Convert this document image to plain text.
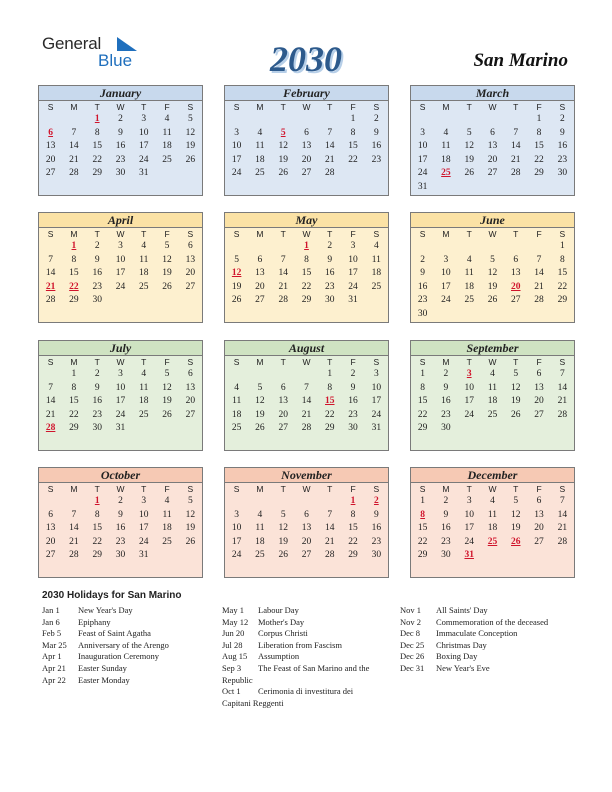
General
Blue	2030	San Marino
January
S	M	T	W	T	F	S
		1	2	3	4	5
6	7	8	9	10	11	12
13	14	15	16	17	18	19
20	21	22	23	24	25	26
27	28	29	30	31		

February
S	M	T	W	T	F	S
					1	2
3	4	5	6	7	8	9
10	11	12	13	14	15	16
17	18	19	20	21	22	23
24	25	26	27	28		

March
S	M	T	W	T	F	S
					1	2
3	4	5	6	7	8	9
10	11	12	13	14	15	16
17	18	19	20	21	22	23
24	25	26	27	28	29	30
31						
April
S	M	T	W	T	F	S
	1	2	3	4	5	6
7	8	9	10	11	12	13
14	15	16	17	18	19	20
21	22	23	24	25	26	27
28	29	30				

May
S	M	T	W	T	F	S
			1	2	3	4
5	6	7	8	9	10	11
12	13	14	15	16	17	18
19	20	21	22	23	24	25
26	27	28	29	30	31	

June
S	M	T	W	T	F	S
						1
2	3	4	5	6	7	8
9	10	11	12	13	14	15
16	17	18	19	20	21	22
23	24	25	26	27	28	29
30						
July
S	M	T	W	T	F	S
	1	2	3	4	5	6
7	8	9	10	11	12	13
14	15	16	17	18	19	20
21	22	23	24	25	26	27
28	29	30	31			

August
S	M	T	W	T	F	S
				1	2	3
4	5	6	7	8	9	10
11	12	13	14	15	16	17
18	19	20	21	22	23	24
25	26	27	28	29	30	31

September
S	M	T	W	T	F	S
1	2	3	4	5	6	7
8	9	10	11	12	13	14
15	16	17	18	19	20	21
22	23	24	25	26	27	28
29	30					

October
S	M	T	W	T	F	S
		1	2	3	4	5
6	7	8	9	10	11	12
13	14	15	16	17	18	19
20	21	22	23	24	25	26
27	28	29	30	31		

November
S	M	T	W	T	F	S
					1	2
3	4	5	6	7	8	9
10	11	12	13	14	15	16
17	18	19	20	21	22	23
24	25	26	27	28	29	30

December
S	M	T	W	T	F	S
1	2	3	4	5	6	7
8	9	10	11	12	13	14
15	16	17	18	19	20	21
22	23	24	25	26	27	28
29	30	31				

2030 Holidays for San Marino
Jan 1 New Year's Day
Jan 6 Epiphany
Feb 5 Feast of Saint Agatha
Mar 25 Anniversary of the Arengo
Apr 1 Inauguration Ceremony
Apr 21 Easter Sunday
Apr 22 Easter Monday
May 1 Labour Day
May 12 Mother's Day
Jun 20 Corpus Christi
Jul 28 Liberation from Fascism
Aug 15 Assumption
Sep 3 The Feast of San Marino and the Republic
Oct 1 Cerimonia di investitura dei Capitani Reggenti
Nov 1 All Saints' Day
Nov 2 Commemoration of the deceased
Dec 8 Immaculate Conception
Dec 25 Christmas Day
Dec 26 Boxing Day
Dec 31 New Year's Eve
